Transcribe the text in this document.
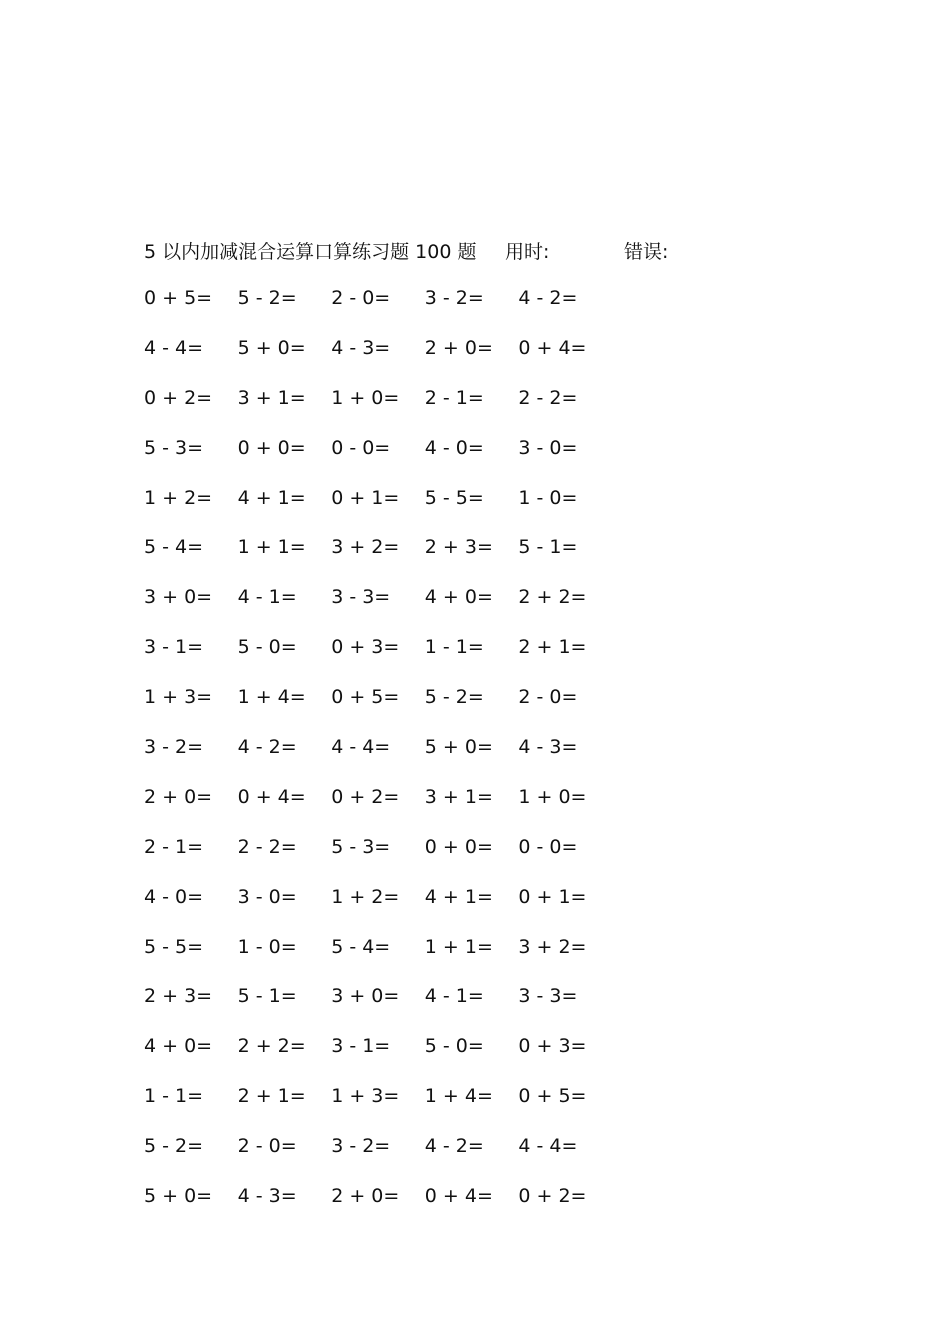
5 以内加减混合运算口算练习题 100 题 用时:	错误:
0 + 5=	5 - 2=	2 - 0=	3 - 2=	4 - 2=
4 - 4=	5 + 0=	4 - 3=	2 + 0=	0 + 4=
0 + 2=	3 + 1=	1 + 0=	2 - 1=	2 - 2=
5 - 3=	0 + 0=	0 - 0=	4 - 0=	3 - 0=
1 + 2=	4 + 1=	0 + 1=	5 - 5=	1 - 0=
5 - 4=	1 + 1=	3 + 2=	2 + 3=	5 - 1=
3 + 0=	4 - 1=	3 - 3=	4 + 0=	2 + 2=
3 - 1=	5 - 0=	0 + 3=	1 - 1=	2 + 1=
1 + 3=	1 + 4=	0 + 5=	5 - 2=	2 - 0=
3 - 2=	4 - 2=	4 - 4=	5 + 0=	4 - 3=
2 + 0=	0 + 4=	0 + 2=	3 + 1=	1 + 0=
2 - 1=	2 - 2=	5 - 3=	0 + 0=	0 - 0=
4 - 0=	3 - 0=	1 + 2=	4 + 1=	0 + 1=
5 - 5=	1 - 0=	5 - 4=	1 + 1=	3 + 2=
2 + 3=	5 - 1=	3 + 0=	4 - 1=	3 - 3=
4 + 0=	2 + 2=	3 - 1=	5 - 0=	0 + 3=
1 - 1=	2 + 1=	1 + 3=	1 + 4=	0 + 5=
5 - 2=	2 - 0=	3 - 2=	4 - 2=	4 - 4=
5 + 0=	4 - 3=	2 + 0=	0 + 4=	0 + 2=
